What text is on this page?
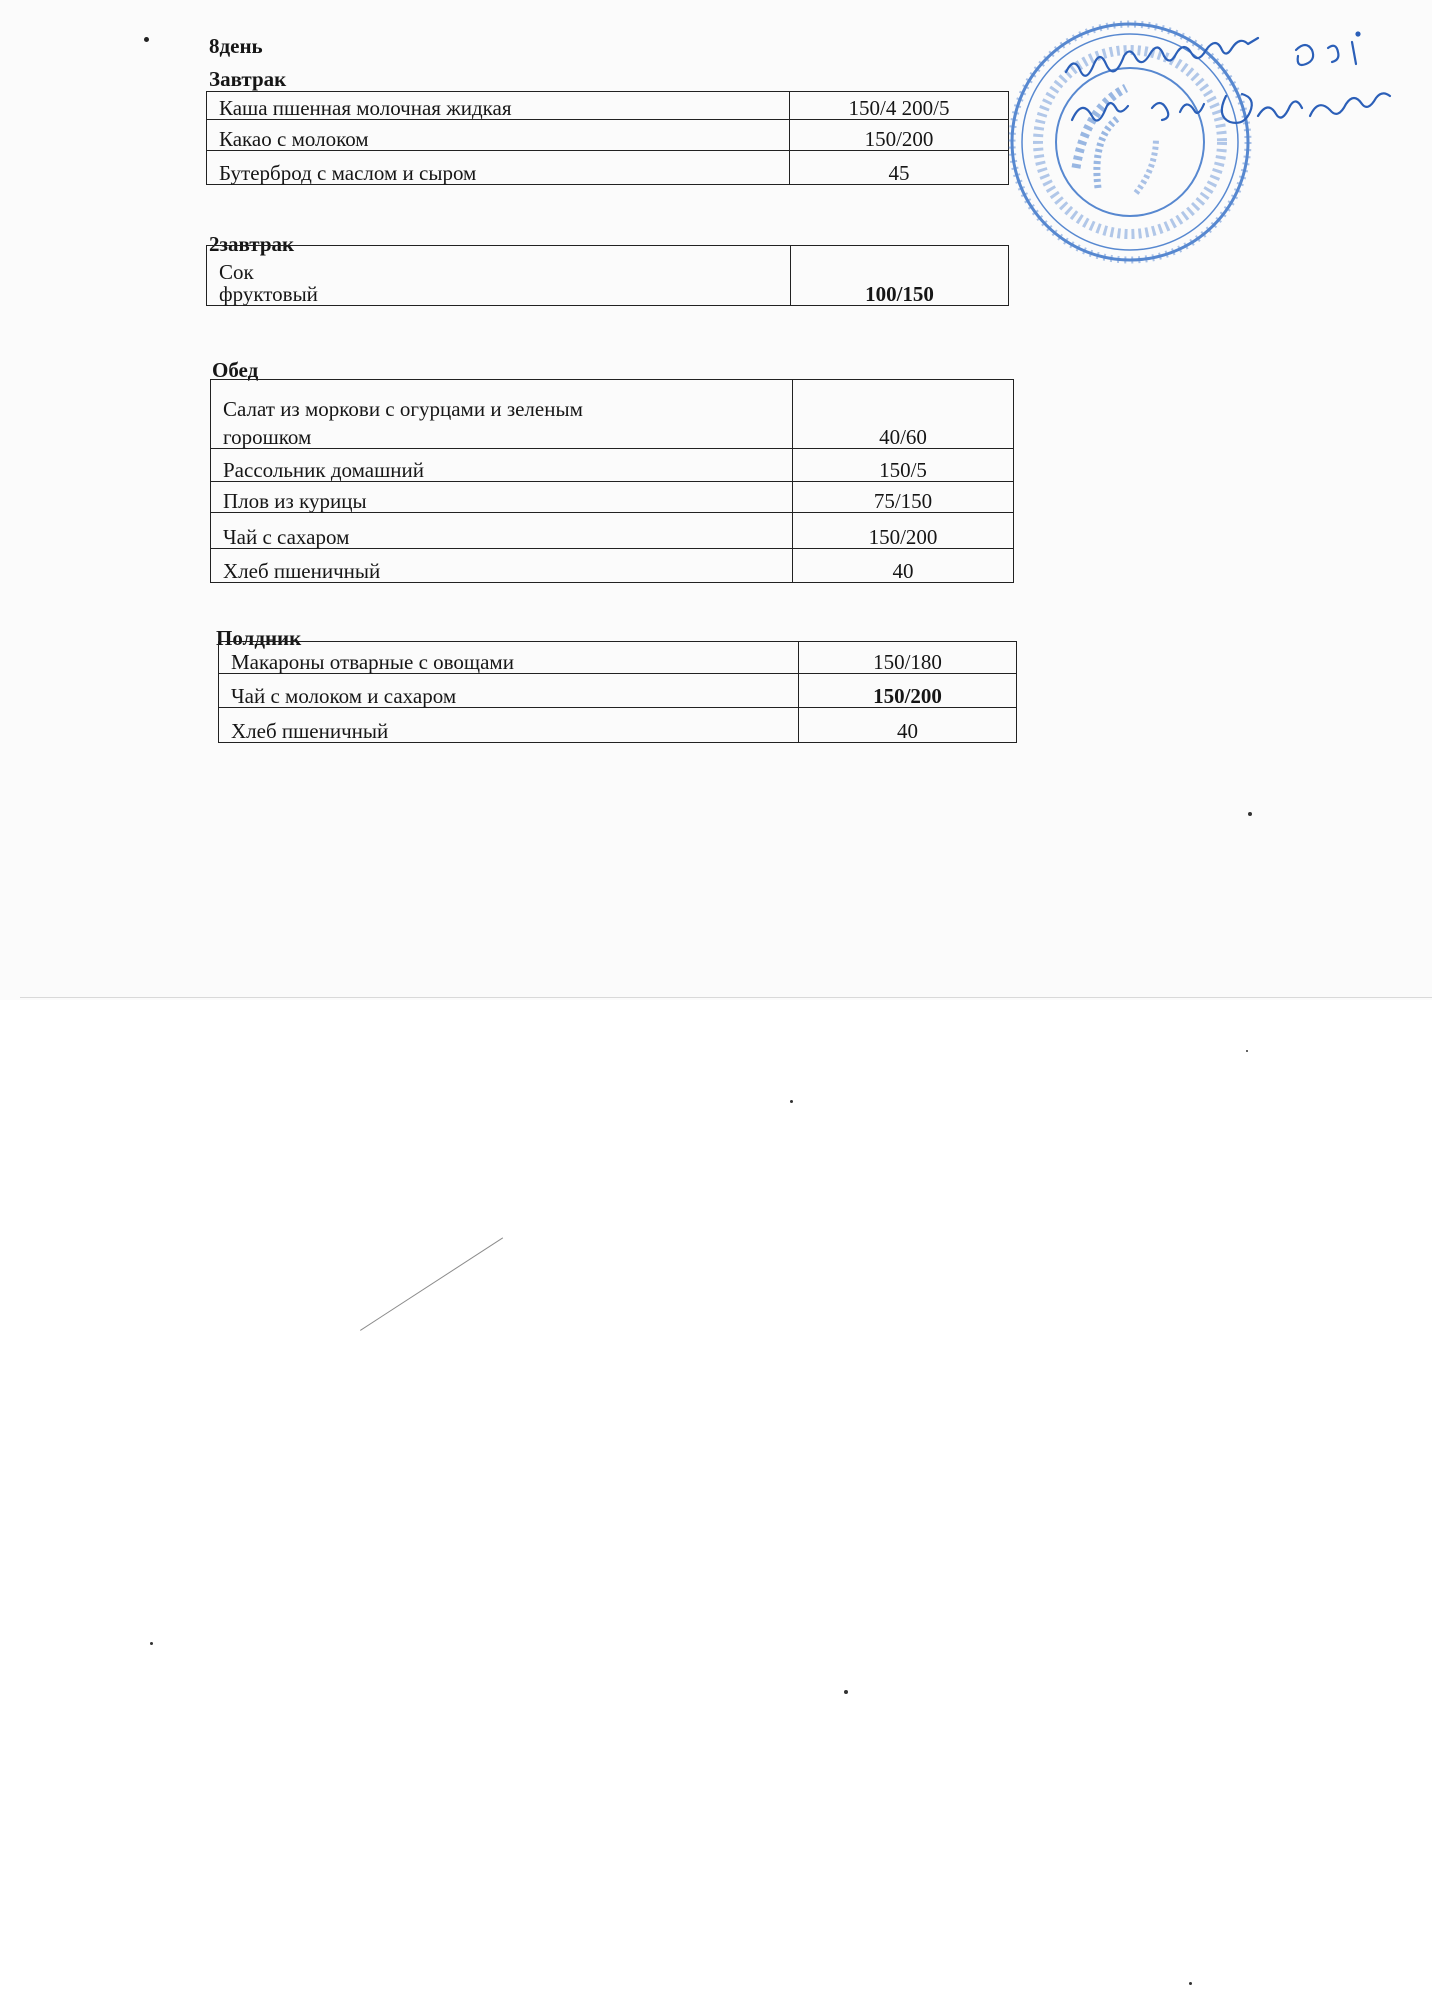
8день
Завтрак
Каша пшенная молочная жидкая	150/4 200/5
Какао с молоком	150/200
Бутерброд с маслом и сыром	45
2завтрак
Сок
фруктовый	100/150
Обед
Салат из моркови с огурцами и зеленым
горошком	40/60
Рассольник домашний	150/5
Плов из курицы	75/150
Чай с сахаром	150/200
Хлеб пшеничный	40
Полдник
Макароны отварные с овощами	150/180
Чай с молоком и сахаром	150/200
Хлеб пшеничный	40
